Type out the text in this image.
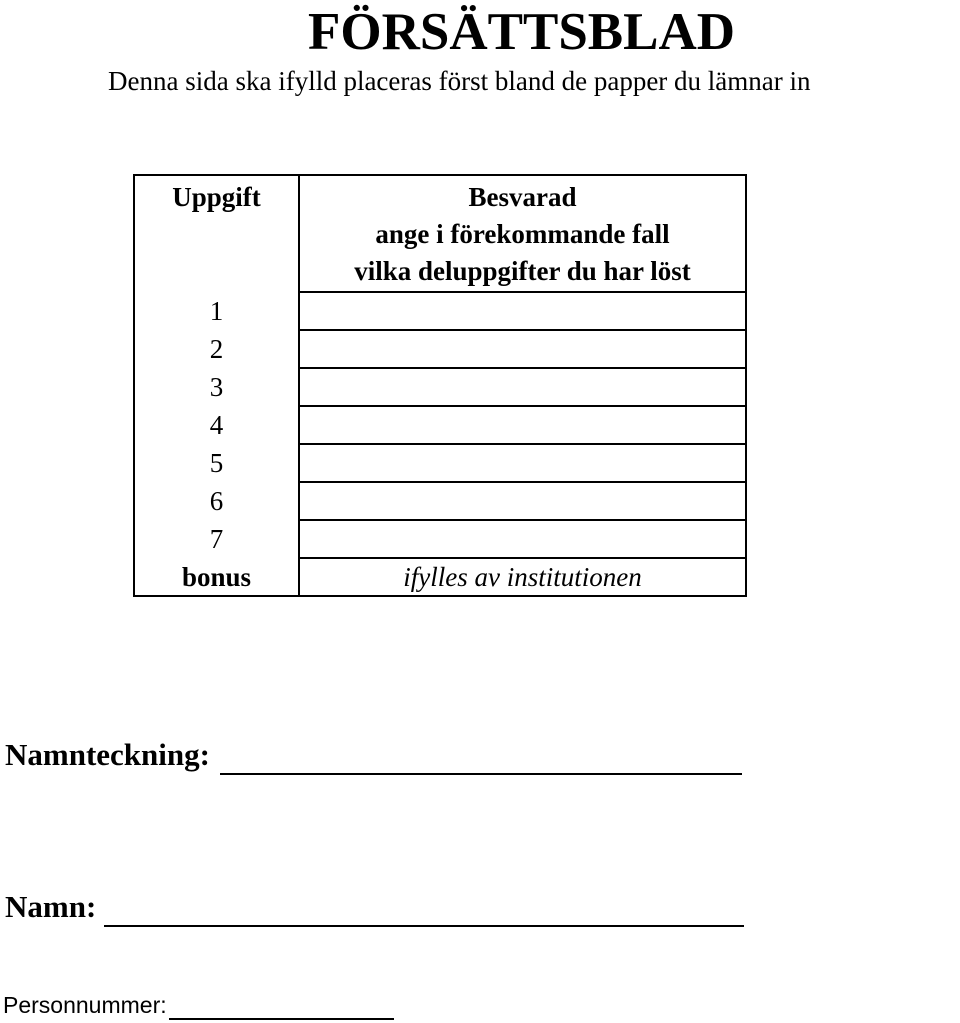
FÖRSÄTTSBLAD
Denna sida ska ifylld placeras först bland de papper du lämnar in
Uppgift	Besvarad
ange i förekommande fall
vilka deluppgifter du har löst

1	
2	
3	
4	
5	
6	
7	
bonus	ifylles av institutionen
Namnteckning:
Namn:
Personnummer:
